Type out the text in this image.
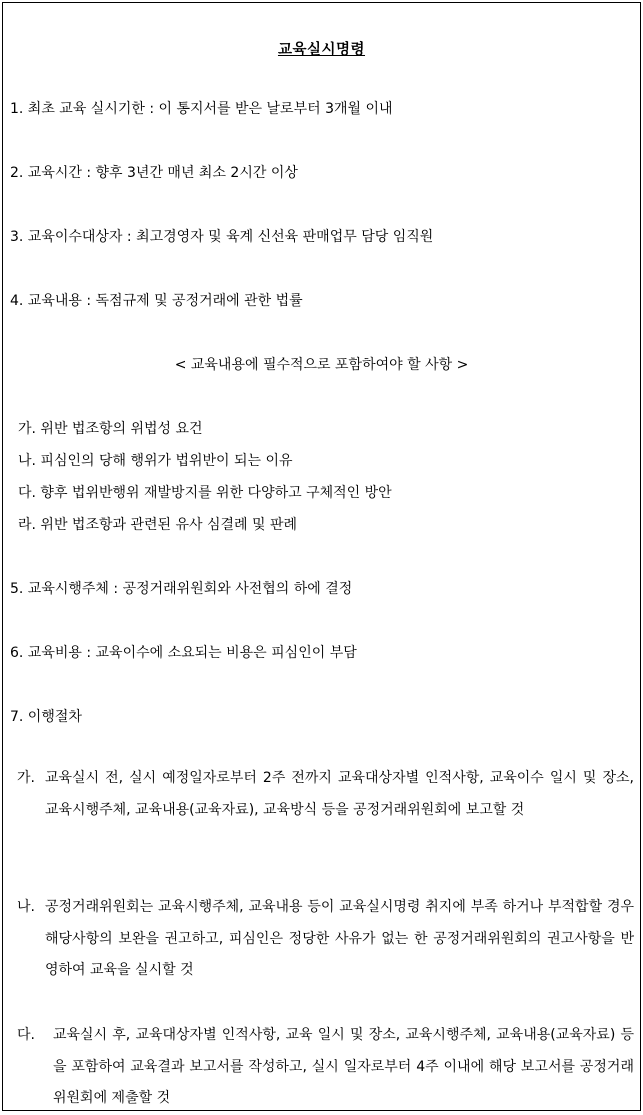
교육실시명령
1. 최초 교육 실시기한 : 이 통지서를 받은 날로부터 3개월 이내
2. 교육시간 : 향후 3년간 매년 최소 2시간 이상
3. 교육이수대상자 : 최고경영자 및 육계 신선육 판매업무 담당 임직원
4. 교육내용 : 독점규제 및 공정거래에 관한 법률
< 교육내용에 필수적으로 포함하여야 할 사항 >
가. 위반 법조항의 위법성 요건
나. 피심인의 당해 행위가 법위반이 되는 이유
다. 향후 법위반행위 재발방지를 위한 다양하고 구체적인 방안
라. 위반 법조항과 관련된 유사 심결례 및 판례
5. 교육시행주체 : 공정거래위원회와 사전협의 하에 결정
6. 교육비용 : 교육이수에 소요되는 비용은 피심인이 부담
7. 이행절차
가. 교육실시 전, 실시 예정일자로부터 2주 전까지 교육대상자별 인적사항, 교육이수 일시 및 장소, 교육시행주체, 교육내용(교육자료), 교육방식 등을 공정거래위원회에 보고할 것
나. 공정거래위원회는 교육시행주체, 교육내용 등이 교육실시명령 취지에 부족 하거나 부적합할 경우 해당사항의 보완을 권고하고, 피심인은 정당한 사유가 없는 한 공정거래위원회의 권고사항을 반영하여 교육을 실시할 것
다.	교육실시 후, 교육대상자별 인적사항, 교육 일시 및 장소, 교육시행주체, 교육내용(교육자료) 등을 포함하여 교육결과 보고서를 작성하고, 실시 일자로부터 4주 이내에 해당 보고서를 공정거래위원회에 제출할 것
